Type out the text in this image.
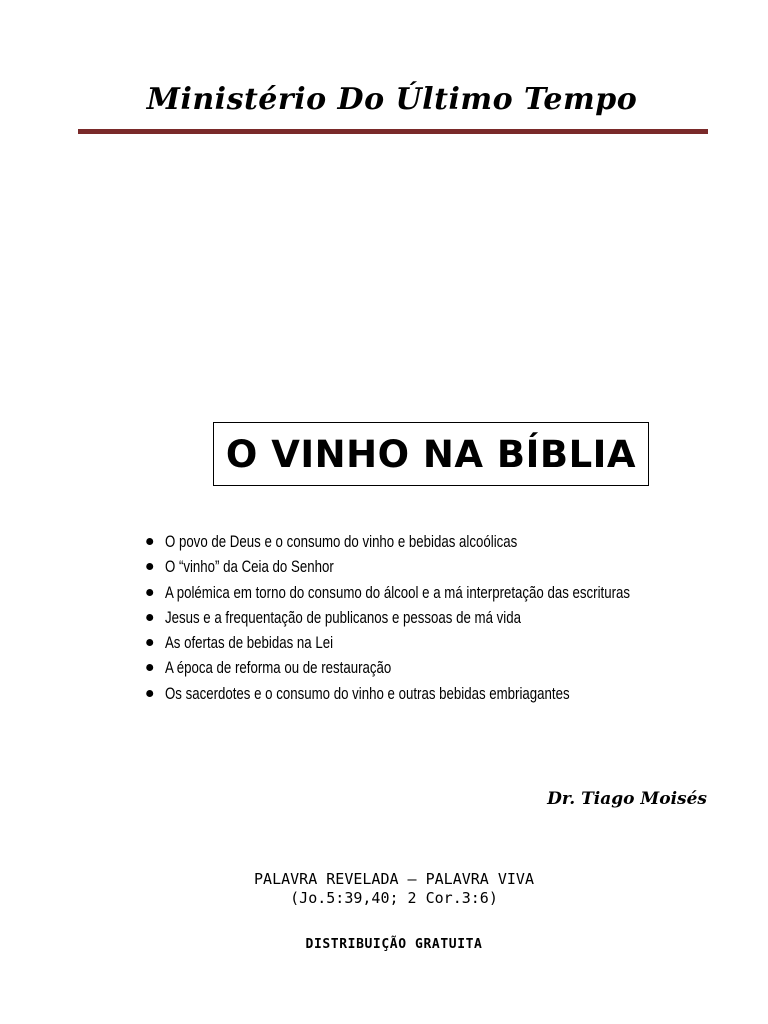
Ministério Do Último Tempo
O VINHO NA BÍBLIA
O povo de Deus e o consumo do vinho e bebidas alcoólicas
O “vinho” da Ceia do Senhor
A polémica em torno do consumo do álcool e a má interpretação das escrituras
Jesus e a frequentação de publicanos e pessoas de má vida
As ofertas de bebidas na Lei
A época de reforma ou de restauração
Os sacerdotes e o consumo do vinho e outras bebidas embriagantes
Dr. Tiago Moisés
PALAVRA REVELADA – PALAVRA VIVA
(Jo.5:39,40; 2 Cor.3:6)
DISTRIBUIÇÃO GRATUITA
